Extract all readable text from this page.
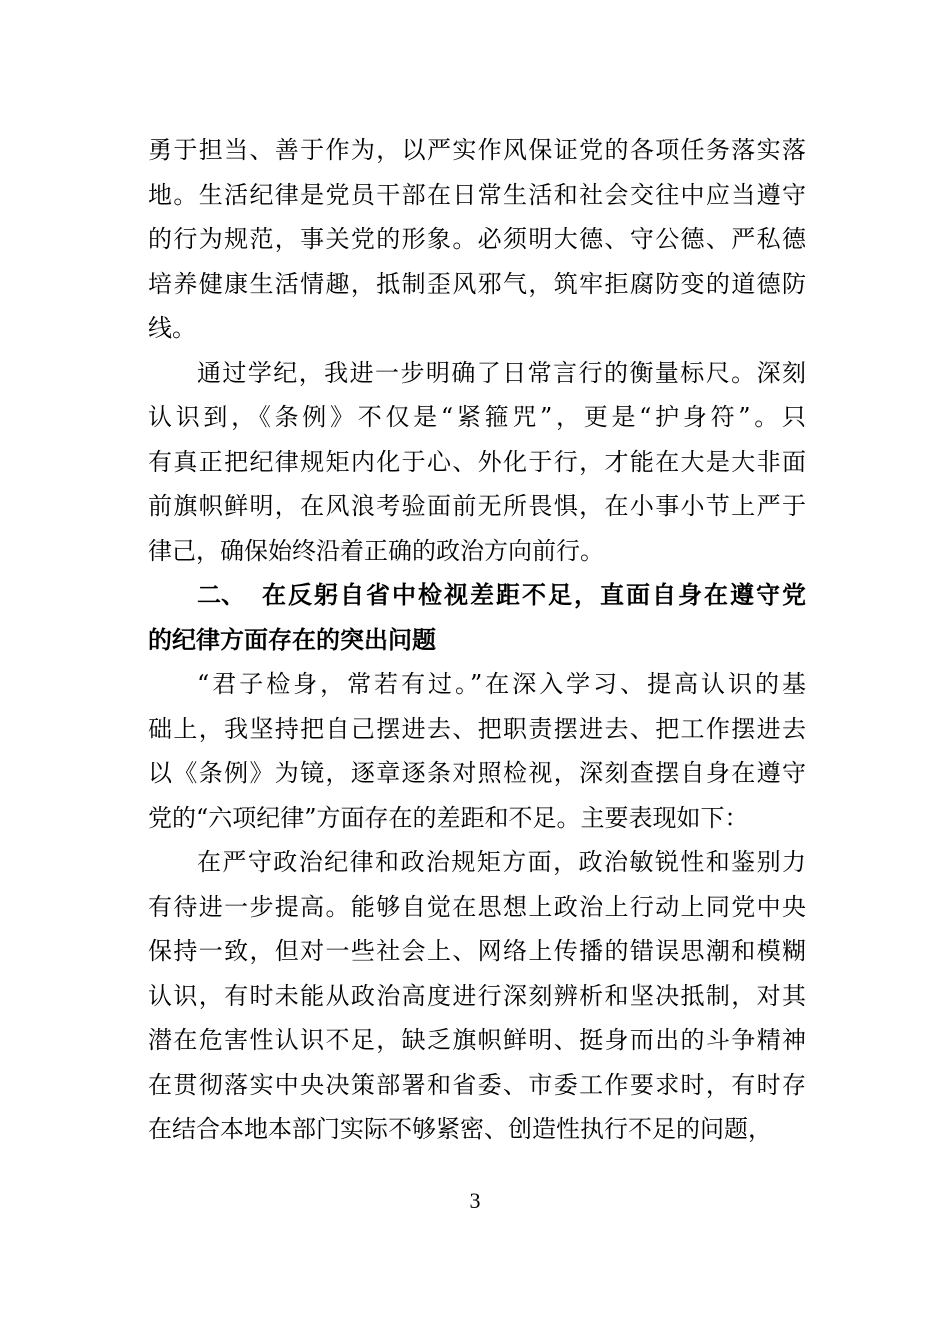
勇于担当、善于作为，以严实作风保证党的各项任务落实落
地。生活纪律是党员干部在日常生活和社会交往中应当遵守
的行为规范，事关党的形象。必须明大德、守公德、严私德
培养健康生活情趣，抵制歪风邪气，筑牢拒腐防变的道德防
线。
通过学纪，我进一步明确了日常言行的衡量标尺。深刻
认识到，《条例》不仅是“紧箍咒”，更是“护身符”。只
有真正把纪律规矩内化于心、外化于行，才能在大是大非面
前旗帜鲜明，在风浪考验面前无所畏惧，在小事小节上严于
律己，确保始终沿着正确的政治方向前行。
二、 在反躬自省中检视差距不足，直面自身在遵守党
的纪律方面存在的突出问题
“君子检身，常若有过。”在深入学习、提高认识的基
础上，我坚持把自己摆进去、把职责摆进去、把工作摆进去
以《条例》为镜，逐章逐条对照检视，深刻查摆自身在遵守
党的“六项纪律”方面存在的差距和不足。主要表现如下：
在严守政治纪律和政治规矩方面，政治敏锐性和鉴别力
有待进一步提高。能够自觉在思想上政治上行动上同党中央
保持一致，但对一些社会上、网络上传播的错误思潮和模糊
认识，有时未能从政治高度进行深刻辨析和坚决抵制，对其
潜在危害性认识不足，缺乏旗帜鲜明、挺身而出的斗争精神
在贯彻落实中央决策部署和省委、市委工作要求时，有时存
在结合本地本部门实际不够紧密、创造性执行不足的问题，
3
